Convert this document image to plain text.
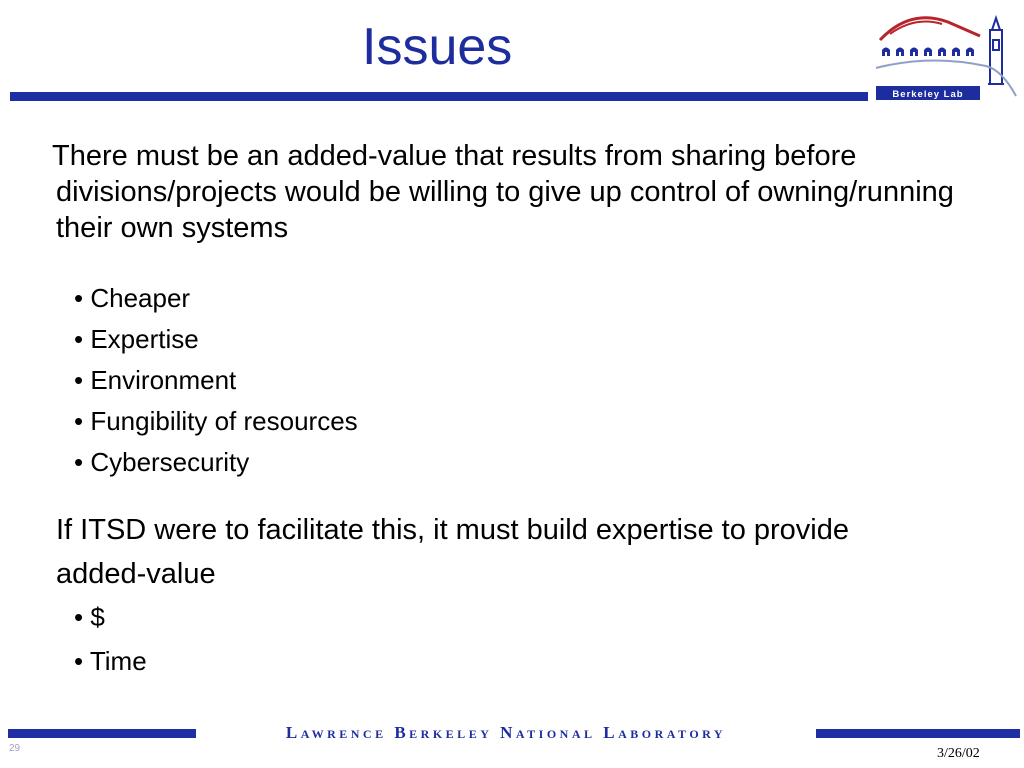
Issues
Berkeley Lab

There must be an added-value that results from sharing before divisions/projects would be willing to give up control of owning/running their own systems

• Cheaper
• Expertise
• Environment
• Fungibility of resources
• Cybersecurity

If ITSD were to facilitate this, it must build expertise to provide added-value

• $
• Time
Lawrence Berkeley National Laboratory
29	3/26/02
